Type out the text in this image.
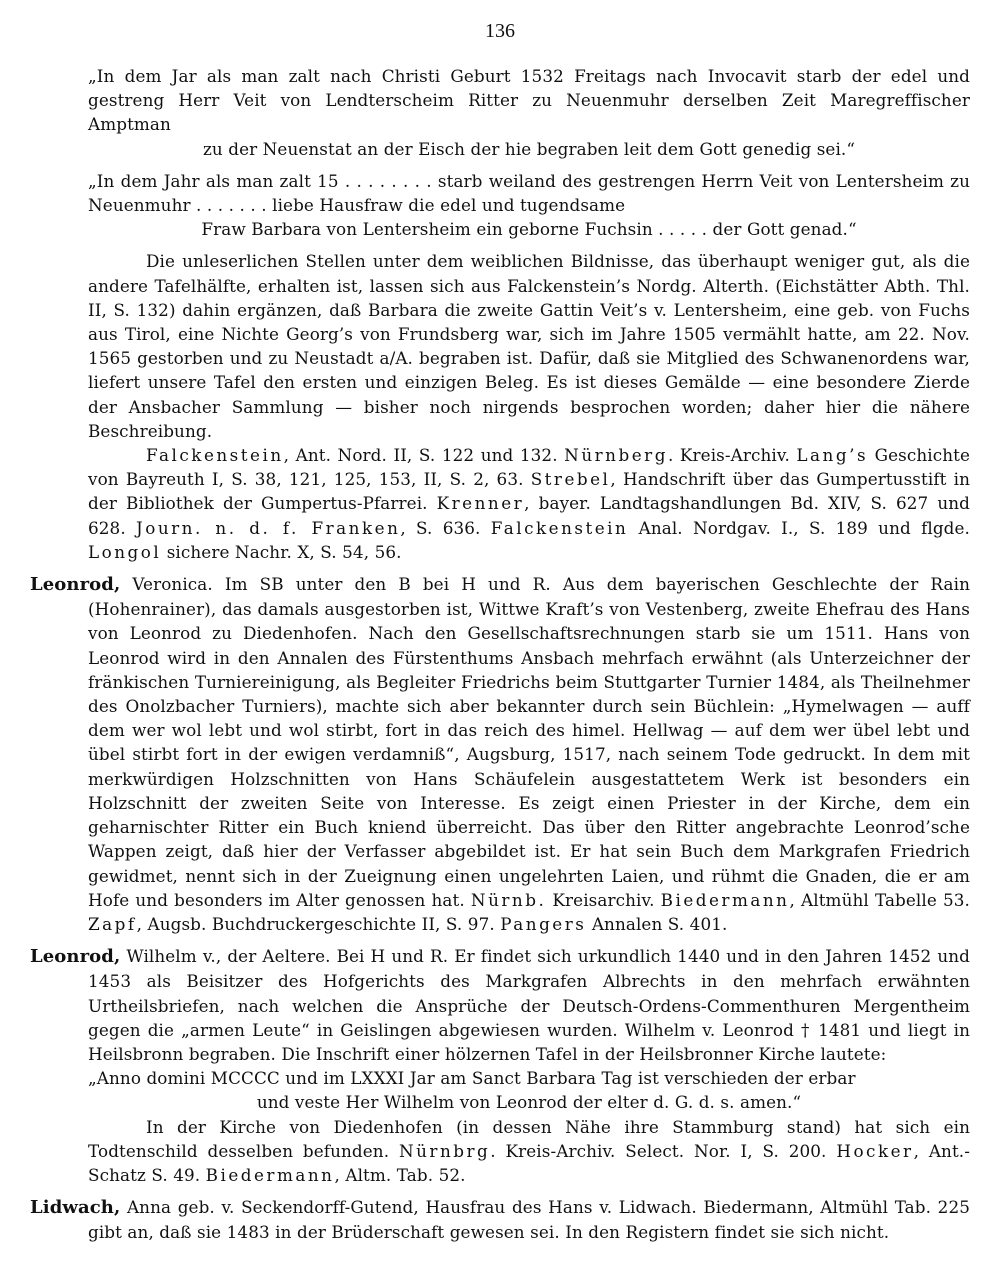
136
„In dem Jar als man zalt nach Christi Geburt 1532 Freitags nach Invocavit starb der edel und gestreng Herr Veit von Lendterscheim Ritter zu Neuenmuhr derselben Zeit Maregreffischer Amptman
zu der Neuenstat an der Eisch der hie begraben leit dem Gott genedig sei.“
„In dem Jahr als man zalt 15 . . . . . . . . starb weiland des gestrengen Herrn Veit von Lentersheim zu Neuenmuhr . . . . . . . liebe Hausfraw die edel und tugendsame
Fraw Barbara von Lentersheim ein geborne Fuchsin . . . . . der Gott genad.“
Die unleserlichen Stellen unter dem weiblichen Bildnisse, das überhaupt weniger gut, als die andere Tafelhälfte, erhalten ist, lassen sich aus Falckenstein’s Nordg. Alterth. (Eichstätter Abth. Thl. II, S. 132) dahin ergänzen, daß Barbara die zweite Gattin Veit’s v. Lentersheim, eine geb. von Fuchs aus Tirol, eine Nichte Georg’s von Frundsberg war, sich im Jahre 1505 vermählt hatte, am 22. Nov. 1565 gestorben und zu Neustadt a/A. begraben ist. Dafür, daß sie Mitglied des Schwanenordens war, liefert unsere Tafel den ersten und einzigen Beleg. Es ist dieses Gemälde — eine besondere Zierde der Ansbacher Sammlung — bisher noch nirgends besprochen worden; daher hier die nähere Beschreibung.
Falckenstein, Ant. Nord. II, S. 122 und 132. Nürnberg. Kreis-Archiv. Lang’s Geschichte von Bayreuth I, S. 38, 121, 125, 153, II, S. 2, 63. Strebel, Handschrift über das Gumpertusstift in der Bibliothek der Gumpertus-Pfarrei. Krenner, bayer. Landtagshandlungen Bd. XIV, S. 627 und 628. Journ. n. d. f. Franken, S. 636. Falckenstein Anal. Nordgav. I., S. 189 und flgde. Longol sichere Nachr. X, S. 54, 56.
Leonrod, Veronica. Im SB unter den B bei H und R. Aus dem bayerischen Geschlechte der Rain (Hohenrainer), das damals ausgestorben ist, Wittwe Kraft’s von Vestenberg, zweite Ehefrau des Hans von Leonrod zu Diedenhofen. Nach den Gesellschaftsrechnungen starb sie um 1511. Hans von Leonrod wird in den Annalen des Fürstenthums Ansbach mehrfach erwähnt (als Unterzeichner der fränkischen Turniereinigung, als Begleiter Friedrichs beim Stuttgarter Turnier 1484, als Theilnehmer des Onolzbacher Turniers), machte sich aber bekannter durch sein Büchlein: „Hymelwagen — auff dem wer wol lebt und wol stirbt, fort in das reich des himel. Hellwag — auf dem wer übel lebt und übel stirbt fort in der ewigen verdamniß“, Augsburg, 1517, nach seinem Tode gedruckt. In dem mit merkwürdigen Holzschnitten von Hans Schäufelein ausgestattetem Werk ist besonders ein Holzschnitt der zweiten Seite von Interesse. Es zeigt einen Priester in der Kirche, dem ein geharnischter Ritter ein Buch kniend überreicht. Das über den Ritter angebrachte Leonrod’sche Wappen zeigt, daß hier der Verfasser abgebildet ist. Er hat sein Buch dem Markgrafen Friedrich gewidmet, nennt sich in der Zueignung einen ungelehrten Laien, und rühmt die Gnaden, die er am Hofe und besonders im Alter genossen hat. Nürnb. Kreisarchiv. Biedermann, Altmühl Tabelle 53. Zapf, Augsb. Buchdruckergeschichte II, S. 97. Pangers Annalen S. 401.
Leonrod, Wilhelm v., der Aeltere. Bei H und R. Er findet sich urkundlich 1440 und in den Jahren 1452 und 1453 als Beisitzer des Hofgerichts des Markgrafen Albrechts in den mehrfach erwähnten Urtheilsbriefen, nach welchen die Ansprüche der Deutsch-Ordens-Commenthuren Mergentheim gegen die „armen Leute“ in Geislingen abgewiesen wurden. Wilhelm v. Leonrod † 1481 und liegt in Heilsbronn begraben. Die Inschrift einer hölzernen Tafel in der Heilsbronner Kirche lautete:
„Anno domini MCCCC und im LXXXI Jar am Sanct Barbara Tag ist verschieden der erbar
und veste Her Wilhelm von Leonrod der elter d. G. d. s. amen.“
In der Kirche von Diedenhofen (in dessen Nähe ihre Stammburg stand) hat sich ein Todtenschild desselben befunden. Nürnbrg. Kreis-Archiv. Select. Nor. I, S. 200. Hocker, Ant.-Schatz S. 49. Biedermann, Altm. Tab. 52.
Lidwach, Anna geb. v. Seckendorff-Gutend, Hausfrau des Hans v. Lidwach. Biedermann, Altmühl Tab. 225 gibt an, daß sie 1483 in der Brüderschaft gewesen sei. In den Registern findet sie sich nicht.
